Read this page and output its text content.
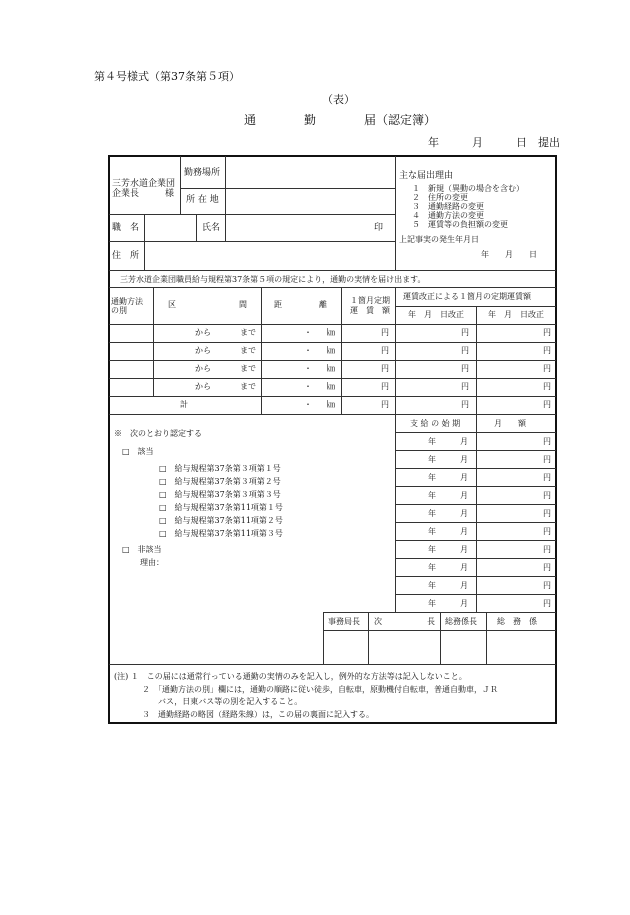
第４号様式（第37条第５項）
（表）
通　　　　勤　　　　届（認定簿）
年　　　月　　　日　提出
三芳水道企業団
企業長	様
勤務場所
所 在 地
職　名	氏名	印
住　所
主な届出理由
１　新規（異動の場合を含む）
２　住所の変更
３　通勤経路の変更
４　通勤方法の変更
５　運賃等の負担額の変更
上記事実の発生年月日
年　　月　　日
三芳水道企業団職員給与規程第37条第５項の規定により，通勤の実情を届け出ます。
通勤方法
の別
区	間	距	離	１箇月定期
運　賃　額
運賃改正による１箇月の定期運賃額
年　月　日改正	年　月　日改正
から	まで	・ ㎞	円	円	円
から	まで	・ ㎞	円	円	円
から	まで	・ ㎞	円	円	円
から	まで	・ ㎞	円	円	円
計	・ ㎞	円	円	円
※　次のとおり認定する
□　該当
□　給与規程第37条第３項第１号
□　給与規程第37条第３項第２号
□　給与規程第37条第３項第３号
□　給与規程第37条第11項第１号
□　給与規程第37条第11項第２号
□　給与規程第37条第11項第３号
□　非該当
理由：
支 給 の 始 期	月　　額
年　　　月	円
年　　　月	円
年　　　月	円
年　　　月	円
年　　　月	円
年　　　月	円
年　　　月	円
年　　　月	円
年　　　月	円
年　　　月	円
事務局長 次	長 総務係長	総　務　係
(注) １　この届には通常行っている通勤の実情のみを記入し，例外的な方法等は記入しないこと。
２　「通勤方法の別」欄には，通勤の順路に従い徒歩，自転車，原動機付自転車，普通自動車，ＪＲ
バス，日東バス等の別を記入すること。
３　通勤経路の略図（経路朱線）は，この届の裏面に記入する。
